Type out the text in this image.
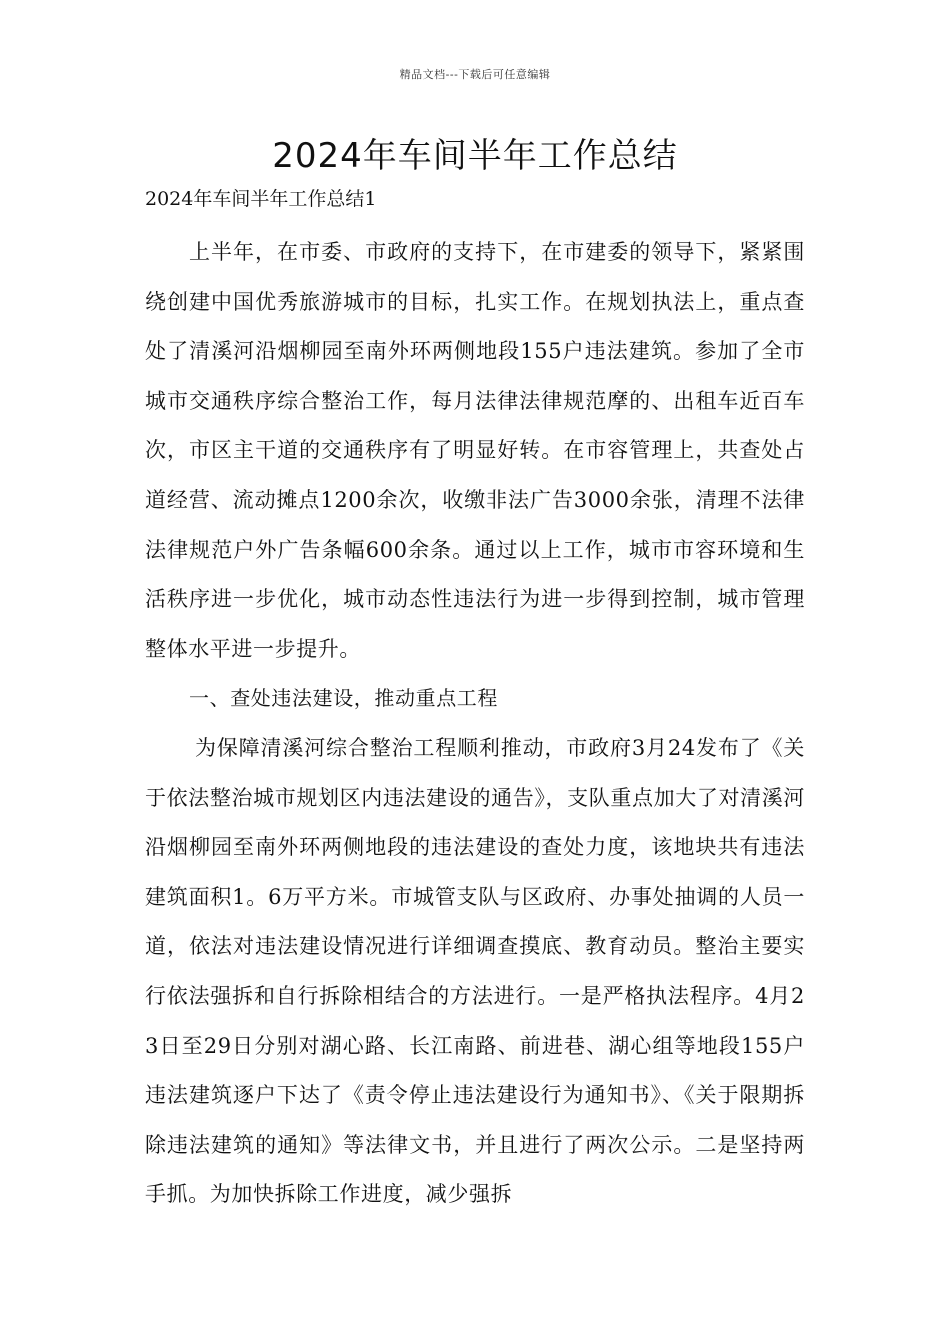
精品文档---下载后可任意编辑
2024年车间半年工作总结

2024年车间半年工作总结1

上半年，在市委、市政府的支持下，在市建委的领导下，紧紧围绕创建中国优秀旅游城市的目标，扎实工作。在规划执法上，重点查处了清溪河沿烟柳园至南外环两侧地段155户违法建筑。参加了全市城市交通秩序综合整治工作，每月法律法律规范摩的、出租车近百车次，市区主干道的交通秩序有了明显好转。在市容管理上，共查处占道经营、流动摊点1200余次，收缴非法广告3000余张，清理不法律法律规范户外广告条幅600余条。通过以上工作，城市市容环境和生活秩序进一步优化，城市动态性违法行为进一步得到控制，城市管理整体水平进一步提升。

一、查处违法建设，推动重点工程

为保障清溪河综合整治工程顺利推动，市政府3月24发布了《关于依法整治城市规划区内违法建设的通告》，支队重点加大了对清溪河沿烟柳园至南外环两侧地段的违法建设的查处力度，该地块共有违法建筑面积1。6万平方米。市城管支队与区政府、办事处抽调的人员一道，依法对违法建设情况进行详细调查摸底、教育动员。整治主要实行依法强拆和自行拆除相结合的方法进行。一是严格执法程序。4月23日至29日分别对湖心路、长江南路、前进巷、湖心组等地段155户违法建筑逐户下达了《责令停止违法建设行为通知书》、《关于限期拆除违法建筑的通知》等法律文书，并且进行了两次公示。二是坚持两手抓。为加快拆除工作进度，减少强拆
